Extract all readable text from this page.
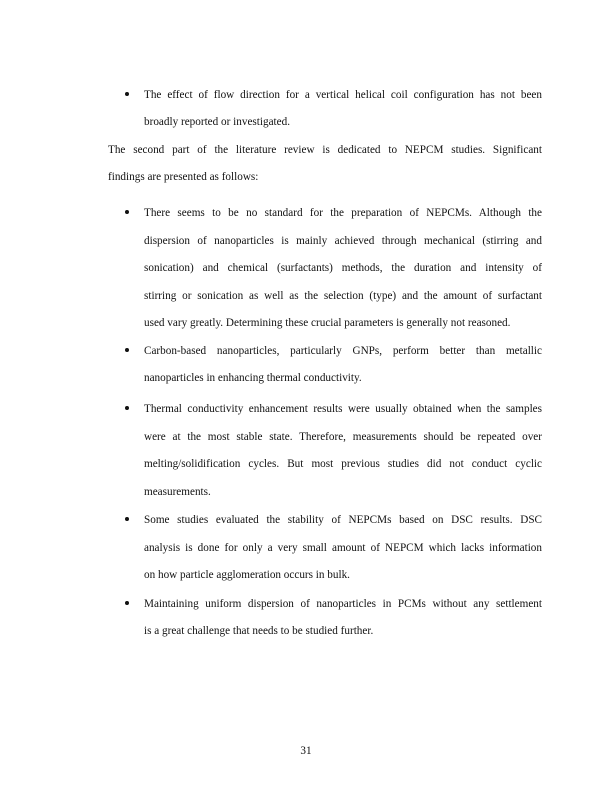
The effect of flow direction for a vertical helical coil configuration has not been
broadly reported or investigated.
The second part of the literature review is dedicated to NEPCM studies. Significant
findings are presented as follows:
There seems to be no standard for the preparation of NEPCMs. Although the
dispersion of nanoparticles is mainly achieved through mechanical (stirring and
sonication) and chemical (surfactants) methods, the duration and intensity of
stirring or sonication as well as the selection (type) and the amount of surfactant
used vary greatly. Determining these crucial parameters is generally not reasoned.
Carbon-based nanoparticles, particularly GNPs, perform better than metallic
nanoparticles in enhancing thermal conductivity.
Thermal conductivity enhancement results were usually obtained when the samples
were at the most stable state. Therefore, measurements should be repeated over
melting/solidification cycles. But most previous studies did not conduct cyclic
measurements.
Some studies evaluated the stability of NEPCMs based on DSC results. DSC
analysis is done for only a very small amount of NEPCM which lacks information
on how particle agglomeration occurs in bulk.
Maintaining uniform dispersion of nanoparticles in PCMs without any settlement
is a great challenge that needs to be studied further.
31
